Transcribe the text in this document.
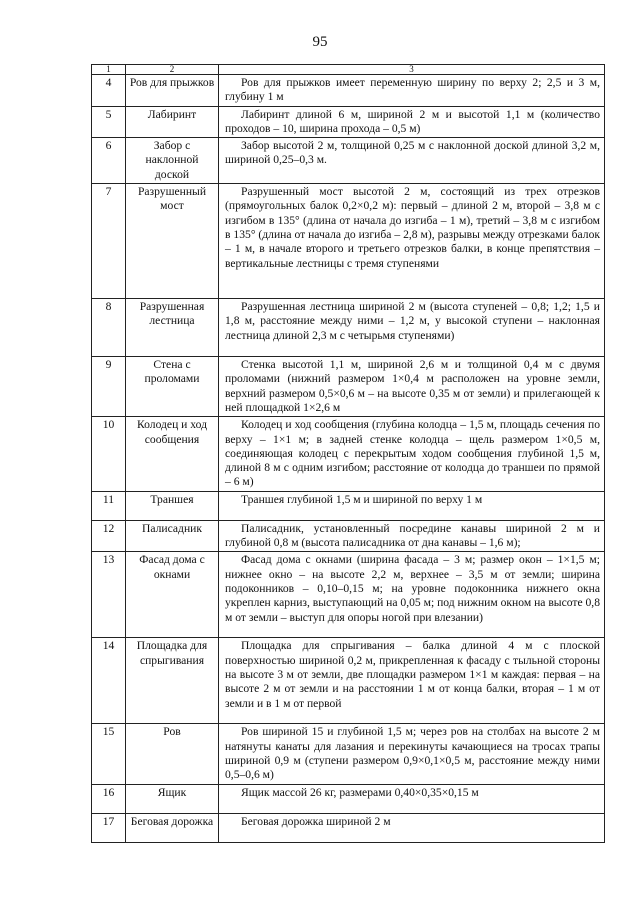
95
1	2	3
4	Ров для прыжков	Ров для прыжков имеет переменную ширину по верху 2; 2,5 и 3 м, глубину 1 м
5	Лабиринт	Лабиринт длиной 6 м, шириной 2 м и высотой 1,1 м (количество проходов – 10, ширина прохода – 0,5 м)
6	Забор с наклонной доской	Забор высотой 2 м, толщиной 0,25 м с наклонной доской длиной 3,2 м, шириной 0,25–0,3 м.
7	Разрушенный мост	Разрушенный мост высотой 2 м, состоящий из трех отрезков (прямоугольных балок 0,2×0,2 м): первый – длиной 2 м, второй – 3,8 м с изгибом в 135° (длина от начала до изгиба – 1 м), третий – 3,8 м с изгибом в 135° (длина от начала до изгиба – 2,8 м), разрывы между отрезками балок – 1 м, в начале второго и третьего отрезков балки, в конце препятствия – вертикальные лестницы с тремя ступенями
8	Разрушенная лестница	Разрушенная лестница шириной 2 м (высота ступеней – 0,8; 1,2; 1,5 и 1,8 м, расстояние между ними – 1,2 м, у высокой ступени – наклонная лестница длиной 2,3 м с четырьмя ступенями)
9	Стена с проломами	Стенка высотой 1,1 м, шириной 2,6 м и толщиной 0,4 м с двумя проломами (нижний размером 1×0,4 м расположен на уровне земли, верхний размером 0,5×0,6 м – на высоте 0,35 м от земли) и прилегающей к ней площадкой 1×2,6 м
10	Колодец и ход сообщения	Колодец и ход сообщения (глубина колодца – 1,5 м, площадь сечения по верху – 1×1 м; в задней стенке колодца – щель размером 1×0,5 м, соединяющая колодец с перекрытым ходом сообщения глубиной 1,5 м, длиной 8 м с одним изгибом; расстояние от колодца до траншеи по прямой – 6 м)
11	Траншея	Траншея глубиной 1,5 м и шириной по верху 1 м
12	Палисадник	Палисадник, установленный посредине канавы шириной 2 м и глубиной 0,8 м (высота палисадника от дна канавы – 1,6 м);
13	Фасад дома с окнами	Фасад дома с окнами (ширина фасада – 3 м; размер окон – 1×1,5 м; нижнее окно – на высоте 2,2 м, верхнее – 3,5 м от земли; ширина подоконников – 0,10–0,15 м; на уровне подоконника нижнего окна укреплен карниз, выступающий на 0,05 м; под нижним окном на высоте 0,8 м от земли – выступ для опоры ногой при влезании)
14	Площадка для спрыгивания	Площадка для спрыгивания – балка длиной 4 м с плоской поверхностью шириной 0,2 м, прикрепленная к фасаду с тыльной стороны на высоте 3 м от земли, две площадки размером 1×1 м каждая: первая – на высоте 2 м от земли и на расстоянии 1 м от конца балки, вторая – 1 м от земли и в 1 м от первой
15	Ров	Ров шириной 15 и глубиной 1,5 м; через ров на столбах на высоте 2 м натянуты канаты для лазания и перекинуты качающиеся на тросах трапы шириной 0,9 м (ступени размером 0,9×0,1×0,5 м, расстояние между ними 0,5–0,6 м)
16	Ящик	Ящик массой 26 кг, размерами 0,40×0,35×0,15 м
17	Беговая дорожка	Беговая дорожка шириной 2 м
